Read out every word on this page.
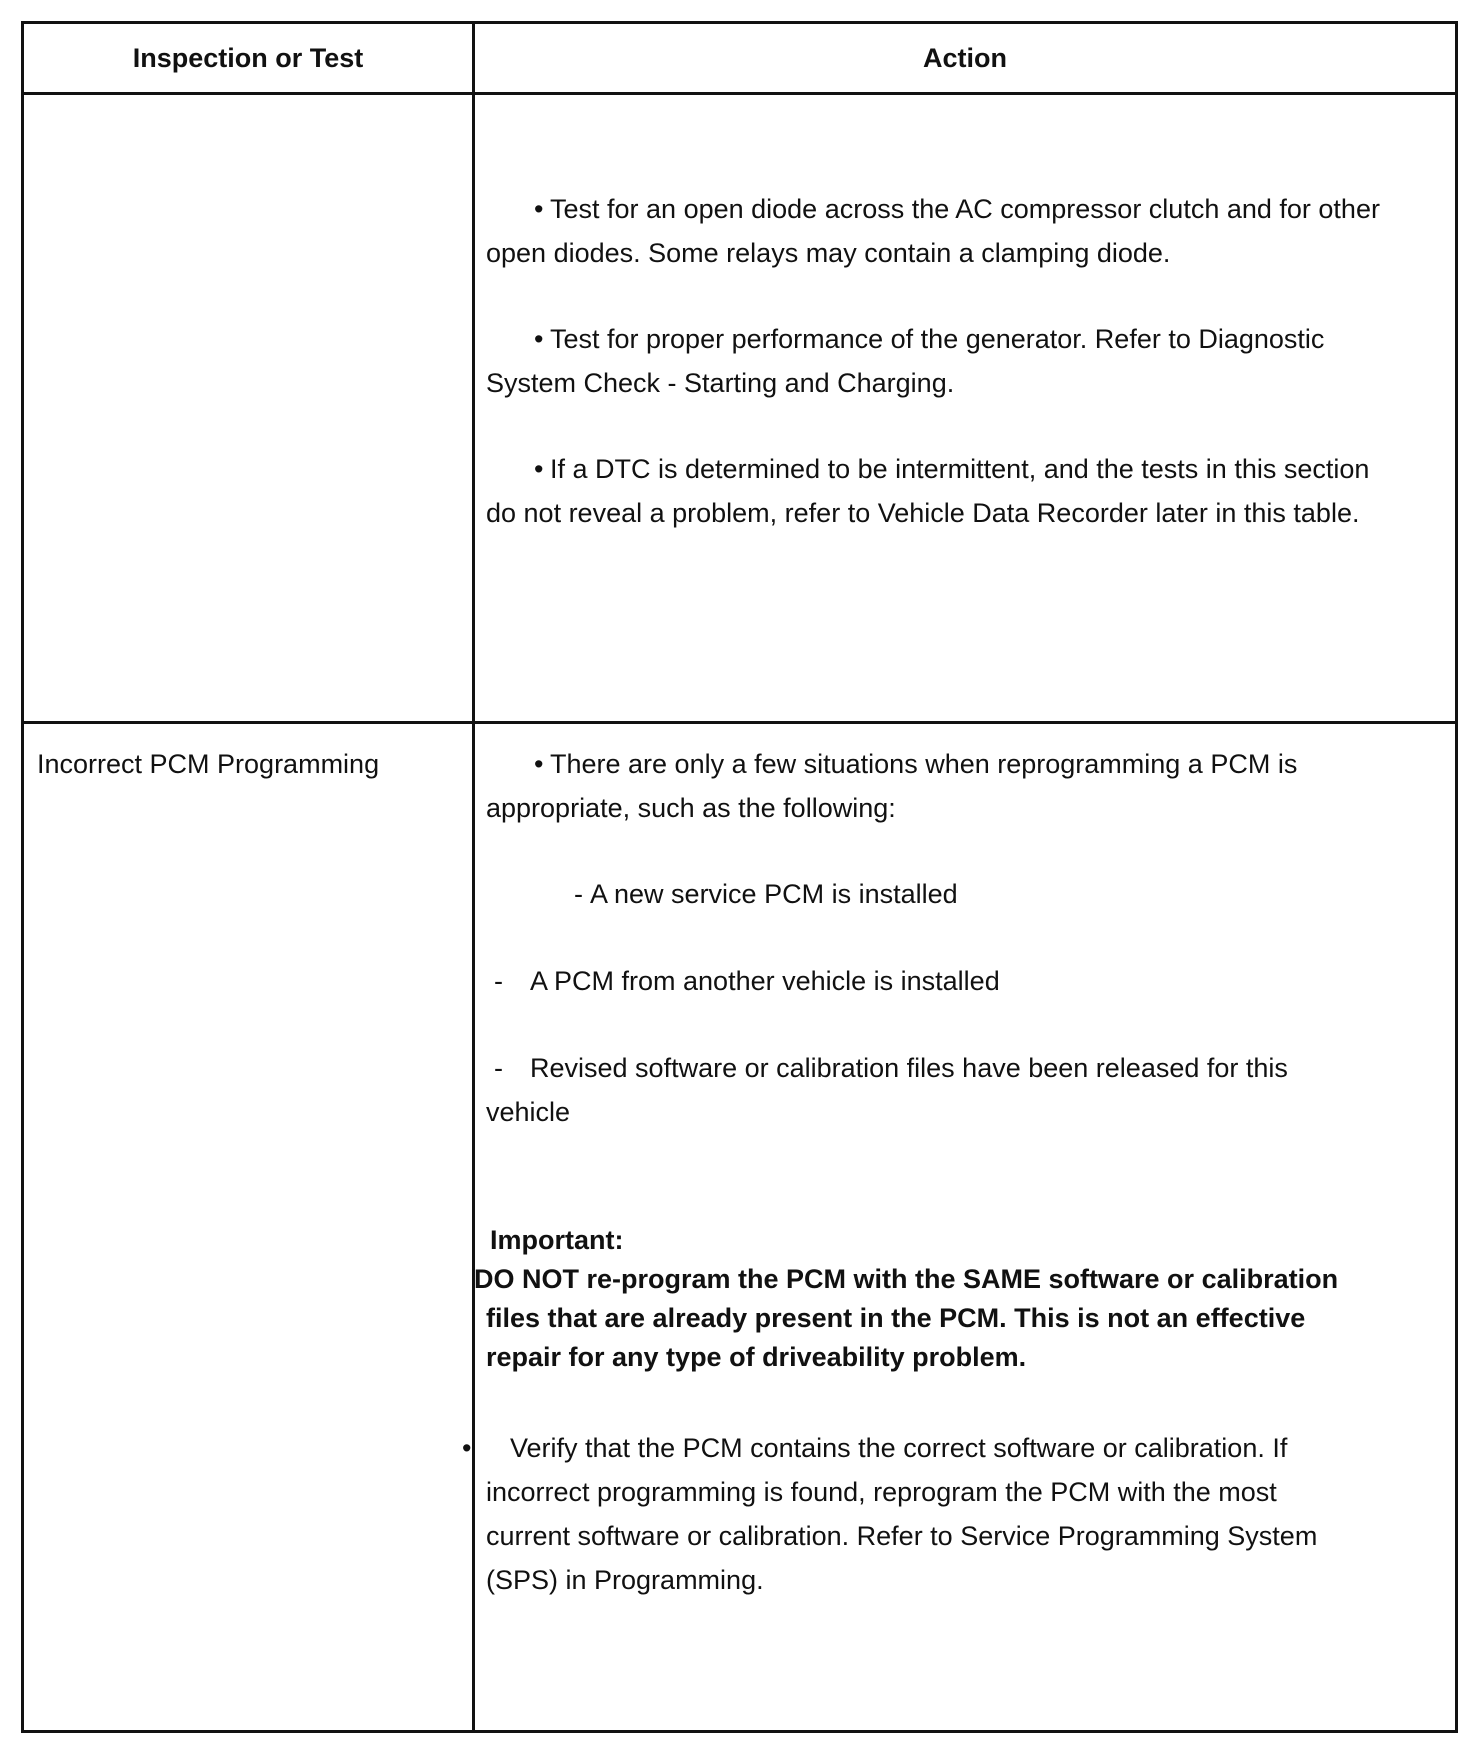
Inspection or Test	Action
• Test for an open diode across the AC compressor clutch and for other open diodes. Some relays may contain a clamping diode.
• Test for proper performance of the generator. Refer to Diagnostic System Check - Starting and Charging.
• If a DTC is determined to be intermittent, and the tests in this section do not reveal a problem, refer to Vehicle Data Recorder later in this table.
Incorrect PCM Programming	• There are only a few situations when reprogramming a PCM is appropriate, such as the following:
- A new service PCM is installed
- A PCM from another vehicle is installed
- Revised software or calibration files have been released for this vehicle
Important:
DO NOT re-program the PCM with the SAME software or calibration files that are already present in the PCM. This is not an effective repair for any type of driveability problem.
• Verify that the PCM contains the correct software or calibration. If incorrect programming is found, reprogram the PCM with the most current software or calibration. Refer to Service Programming System (SPS) in Programming.
